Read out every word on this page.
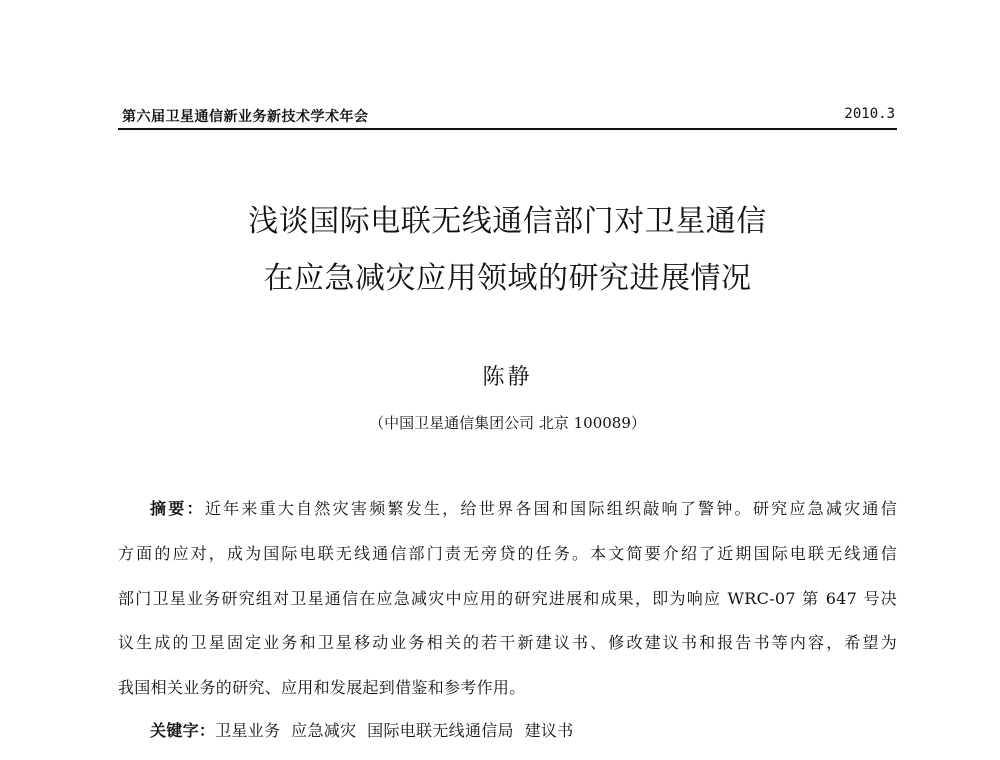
第六届卫星通信新业务新技术学术年会	2010.3
浅谈国际电联无线通信部门对卫星通信
在应急减灾应用领域的研究进展情况
陈静
（中国卫星通信集团公司 北京 100089）
摘要：近年来重大自然灾害频繁发生，给世界各国和国际组织敲响了警钟。研究应急减灾通信
方面的应对，成为国际电联无线通信部门责无旁贷的任务。本文简要介绍了近期国际电联无线通信
部门卫星业务研究组对卫星通信在应急减灾中应用的研究进展和成果，即为响应 WRC-07 第 647 号决
议生成的卫星固定业务和卫星移动业务相关的若干新建议书、修改建议书和报告书等内容，希望为
我国相关业务的研究、应用和发展起到借鉴和参考作用。
关键字：卫星业务  应急减灾  国际电联无线通信局  建议书
